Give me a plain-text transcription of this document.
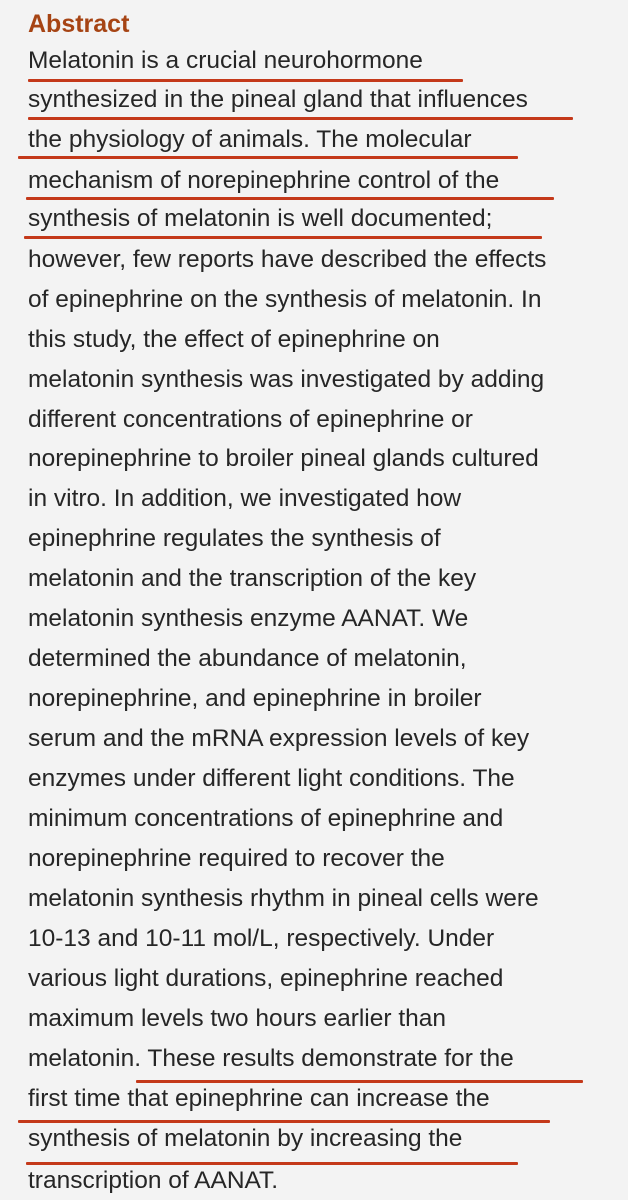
Abstract
Melatonin is a crucial neurohormone
synthesized in the pineal gland that influences
the physiology of animals. The molecular
mechanism of norepinephrine control of the
synthesis of melatonin is well documented;
however, few reports have described the effects
of epinephrine on the synthesis of melatonin. In
this study, the effect of epinephrine on
melatonin synthesis was investigated by adding
different concentrations of epinephrine or
norepinephrine to broiler pineal glands cultured
in vitro. In addition, we investigated how
epinephrine regulates the synthesis of
melatonin and the transcription of the key
melatonin synthesis enzyme AANAT. We
determined the abundance of melatonin,
norepinephrine, and epinephrine in broiler
serum and the mRNA expression levels of key
enzymes under different light conditions. The
minimum concentrations of epinephrine and
norepinephrine required to recover the
melatonin synthesis rhythm in pineal cells were
10-13 and 10-11 mol/L, respectively. Under
various light durations, epinephrine reached
maximum levels two hours earlier than
melatonin. These results demonstrate for the
first time that epinephrine can increase the
synthesis of melatonin by increasing the
transcription of AANAT.
